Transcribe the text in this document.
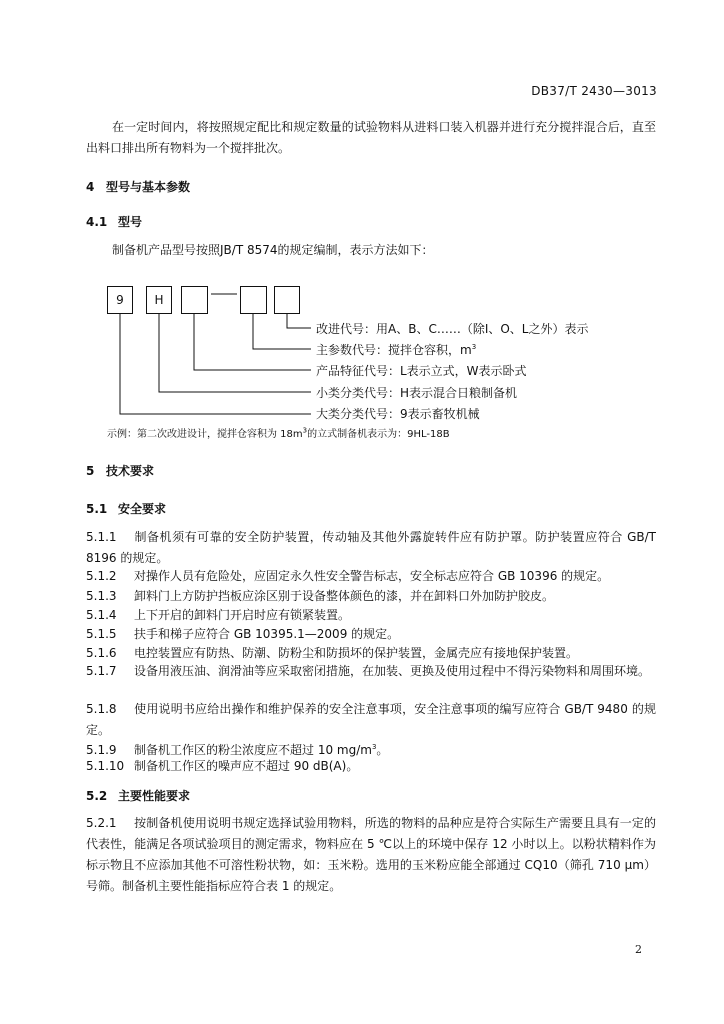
DB37/T 2430—3013

在一定时间内，将按照规定配比和规定数量的试验物料从进料口装入机器并进行充分搅拌混合后，直至出料口排出所有物料为一个搅拌批次。

4 型号与基本参数
4.1 型号

制备机产品型号按照JB/T 8574的规定编制，表示方法如下：

9	H
改进代号：用A、B、C……（除I、O、L之外）表示
主参数代号：搅拌仓容积，$m^3$
产品特征代号：L表示立式，W表示卧式
小类分类代号：H表示混合日粮制备机
大类分类代号：9表示畜牧机械
示例：第二次改进设计，搅拌仓容积为 $18m^3$的立式制备机表示为：9HL-18B
5 技术要求
5.1 安全要求

5.1.1 制备机须有可靠的安全防护装置，传动轴及其他外露旋转件应有防护罩。防护装置应符合 GB/T 8196 的规定。

5.1.2 对操作人员有危险处，应固定永久性安全警告标志，安全标志应符合 GB 10396 的规定。

5.1.3 卸料门上方防护挡板应涂区别于设备整体颜色的漆，并在卸料口外加防护胶皮。

5.1.4 上下开启的卸料门开启时应有锁紧装置。

5.1.5 扶手和梯子应符合 GB 10395.1—2009 的规定。

5.1.6 电控装置应有防热、防潮、防粉尘和防损坏的保护装置，金属壳应有接地保护装置。

5.1.7 设备用液压油、润滑油等应采取密闭措施，在加装、更换及使用过程中不得污染物料和周围环境。

5.1.8 使用说明书应给出操作和维护保养的安全注意事项，安全注意事项的编写应符合 GB/T 9480 的规定。

5.1.9 制备机工作区的粉尘浓度应不超过 10 $mg/m^3$。

5.1.10 制备机工作区的噪声应不超过 90 dB(A)。

5.2 主要性能要求

5.2.1 按制备机使用说明书规定选择试验用物料，所选的物料的品种应是符合实际生产需要且具有一定的代表性，能满足各项试验项目的测定需求，物料应在 5 ℃以上的环境中保存 12 小时以上。以粉状精料作为标示物且不应添加其他不可溶性粉状物，如：玉米粉。选用的玉米粉应能全部通过 CQ10（筛孔 710 μm）号筛。制备机主要性能指标应符合表 1 的规定。

2
